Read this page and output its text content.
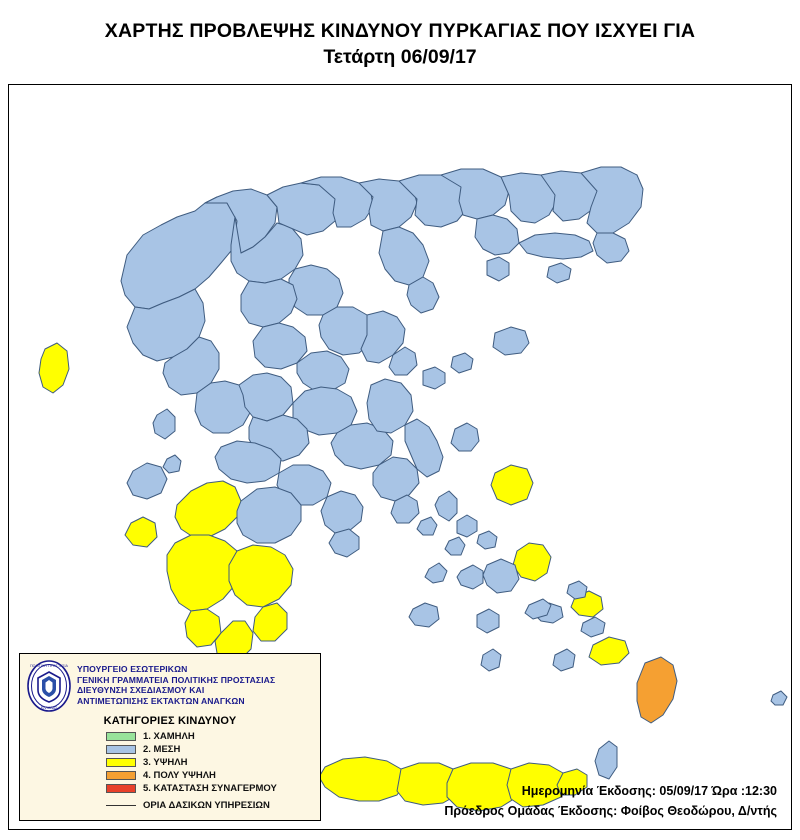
ΧΑΡΤΗΣ ΠΡΟΒΛΕΨΗΣ ΚΙΝΔΥΝΟΥ ΠΥΡΚΑΓΙΑΣ ΠΟΥ ΙΣΧΥΕΙ ΓΙΑ
Τετάρτη 06/09/17
ΠΟΛΙΤΙΚΗ ΠΡΟΣΤΑΣΙΑ
ΕΛΛΑΔΑΣ
ΥΠΟΥΡΓΕΙΟ ΕΣΩΤΕΡΙΚΩΝ
ΓΕΝΙΚΗ ΓΡΑΜΜΑΤΕΙΑ ΠΟΛΙΤΙΚΗΣ ΠΡΟΣΤΑΣΙΑΣ
ΔΙΕΥΘΥΝΣΗ ΣΧΕΔΙΑΣΜΟΥ ΚΑΙ
ΑΝΤΙΜΕΤΩΠΙΣΗΣ ΕΚΤΑΚΤΩΝ ΑΝΑΓΚΩΝ
ΚΑΤΗΓΟΡΙΕΣ ΚΙΝΔΥΝΟΥ
1. ΧΑΜΗΛΗ
2. ΜΕΣΗ
3. ΥΨΗΛΗ
4. ΠΟΛΥ ΥΨΗΛΗ
5. ΚΑΤΑΣΤΑΣΗ ΣΥΝΑΓΕΡΜΟΥ
ΟΡΙΑ ΔΑΣΙΚΩΝ ΥΠΗΡΕΣΙΩΝ
Ημερομηνία Έκδοσης: 05/09/17 Ώρα :12:30
Πρόεδρος Ομάδας Έκδοσης: Φοίβος Θεοδώρου, Δ/ντής
